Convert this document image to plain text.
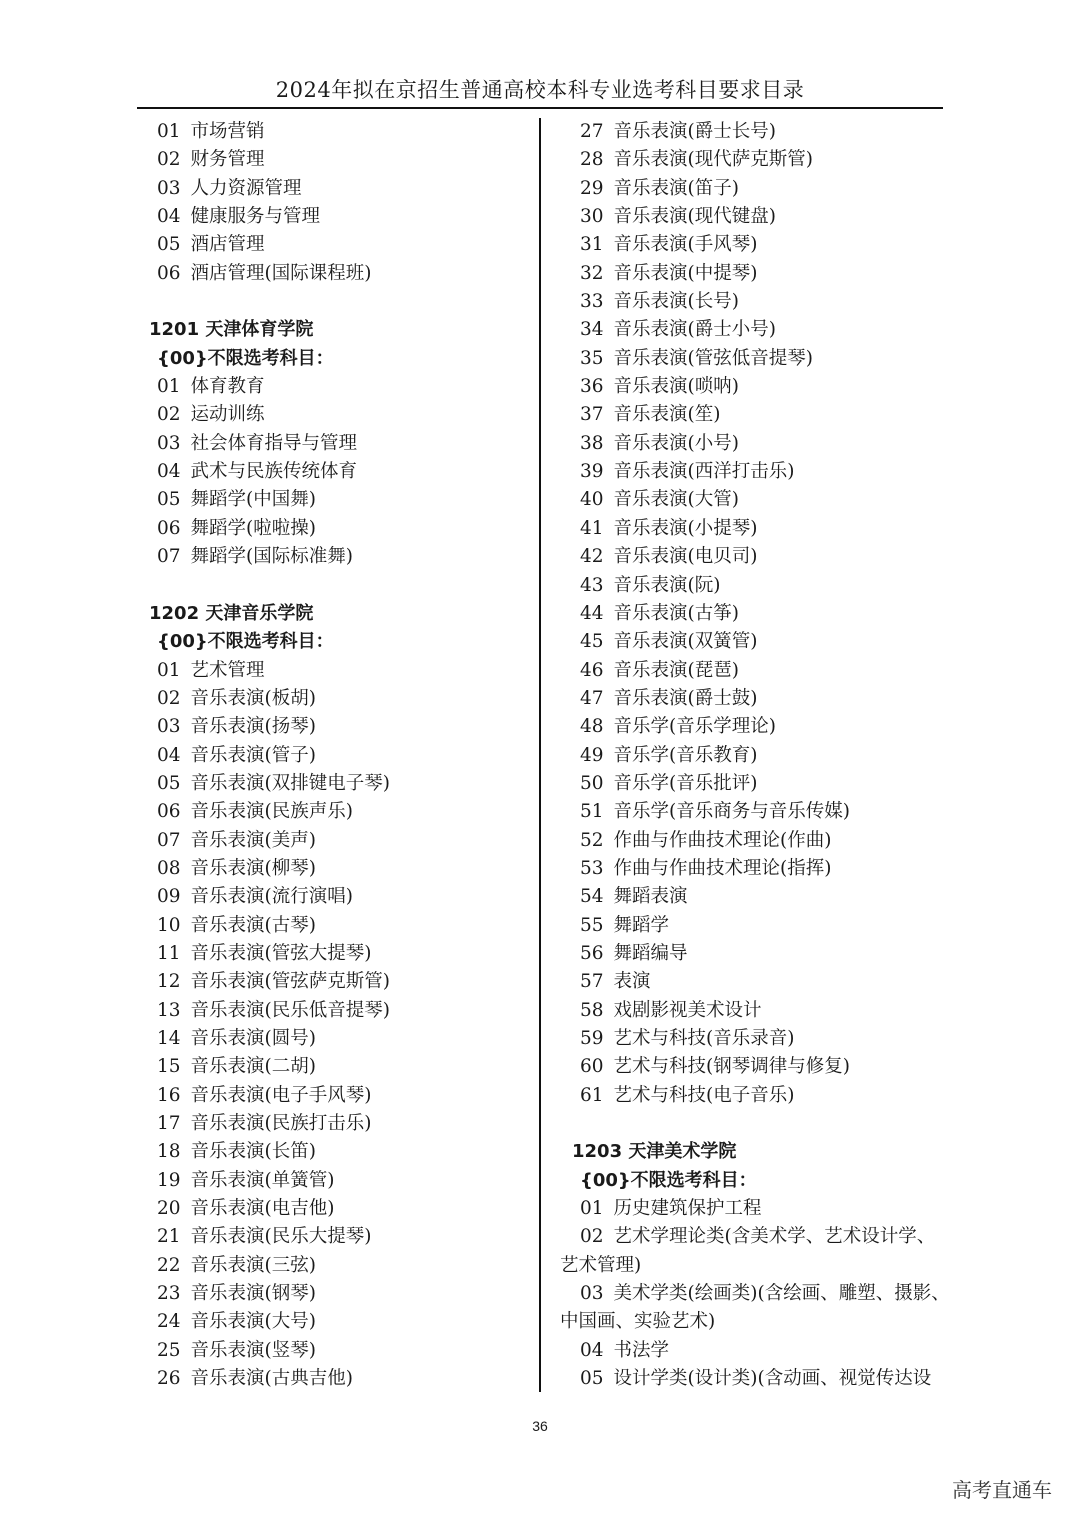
2024年拟在京招生普通高校本科专业选考科目要求目录
01 市场营销
02 财务管理
03 人力资源管理
04 健康服务与管理
05 酒店管理
06 酒店管理(国际课程班)
1201 天津体育学院
{00}不限选考科目：
01 体育教育
02 运动训练
03 社会体育指导与管理
04 武术与民族传统体育
05 舞蹈学(中国舞)
06 舞蹈学(啦啦操)
07 舞蹈学(国际标准舞)
1202 天津音乐学院
{00}不限选考科目：
01 艺术管理
02 音乐表演(板胡)
03 音乐表演(扬琴)
04 音乐表演(管子)
05 音乐表演(双排键电子琴)
06 音乐表演(民族声乐)
07 音乐表演(美声)
08 音乐表演(柳琴)
09 音乐表演(流行演唱)
10 音乐表演(古琴)
11 音乐表演(管弦大提琴)
12 音乐表演(管弦萨克斯管)
13 音乐表演(民乐低音提琴)
14 音乐表演(圆号)
15 音乐表演(二胡)
16 音乐表演(电子手风琴)
17 音乐表演(民族打击乐)
18 音乐表演(长笛)
19 音乐表演(单簧管)
20 音乐表演(电吉他)
21 音乐表演(民乐大提琴)
22 音乐表演(三弦)
23 音乐表演(钢琴)
24 音乐表演(大号)
25 音乐表演(竖琴)
26 音乐表演(古典吉他)
27 音乐表演(爵士长号)
28 音乐表演(现代萨克斯管)
29 音乐表演(笛子)
30 音乐表演(现代键盘)
31 音乐表演(手风琴)
32 音乐表演(中提琴)
33 音乐表演(长号)
34 音乐表演(爵士小号)
35 音乐表演(管弦低音提琴)
36 音乐表演(唢呐)
37 音乐表演(笙)
38 音乐表演(小号)
39 音乐表演(西洋打击乐)
40 音乐表演(大管)
41 音乐表演(小提琴)
42 音乐表演(电贝司)
43 音乐表演(阮)
44 音乐表演(古筝)
45 音乐表演(双簧管)
46 音乐表演(琵琶)
47 音乐表演(爵士鼓)
48 音乐学(音乐学理论)
49 音乐学(音乐教育)
50 音乐学(音乐批评)
51 音乐学(音乐商务与音乐传媒)
52 作曲与作曲技术理论(作曲)
53 作曲与作曲技术理论(指挥)
54 舞蹈表演
55 舞蹈学
56 舞蹈编导
57 表演
58 戏剧影视美术设计
59 艺术与科技(音乐录音)
60 艺术与科技(钢琴调律与修复)
61 艺术与科技(电子音乐)
1203 天津美术学院
{00}不限选考科目：
01 历史建筑保护工程
02 艺术学理论类(含美术学、艺术设计学、
艺术管理)
03 美术学类(绘画类)(含绘画、雕塑、摄影、
中国画、实验艺术)
04 书法学
05 设计学类(设计类)(含动画、视觉传达设
36
高考直通车
